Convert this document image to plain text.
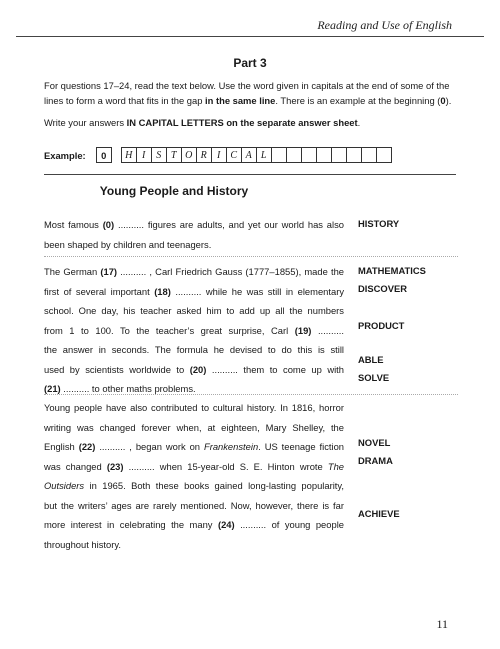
Reading and Use of English
Part 3
For questions 17–24, read the text below. Use the word given in capitals at the end of some of the lines to form a word that fits in the gap in the same line. There is an example at the beginning (0).
Write your answers IN CAPITAL LETTERS on the separate answer sheet.
Example:	0	H I	S T O R	I C A L
Young People and History

Most famous (0) .......... figures are adults, and yet our world has also

been shaped by children and teenagers.

HISTORY

The German (17) .......... , Carl Friedrich Gauss (1777–1855), made the

first of several important (18) .......... while he was still in elementary

school. One day, his teacher asked him to add up all the numbers

from 1 to 100. To the teacher’s great surprise, Carl (19) ..........

the answer in seconds. The formula he devised to do this is still

used by scientists worldwide to (20) .......... them to come up with

(21) .......... to other maths problems.

MATHEMATICS
DISCOVER
PRODUCT
ABLE
SOLVE

Young people have also contributed to cultural history. In 1816, horror

writing was changed forever when, at eighteen, Mary Shelley, the

English (22) .......... , began work on Frankenstein. US teenage fiction

was changed (23) .......... when 15-year-old S. E. Hinton wrote The

Outsiders in 1965. Both these books gained long-lasting popularity,

but the writers’ ages are rarely mentioned. Now, however, there is far

more interest in celebrating the many (24) .......... of young people

throughout history.

NOVEL
DRAMA
ACHIEVE
11
